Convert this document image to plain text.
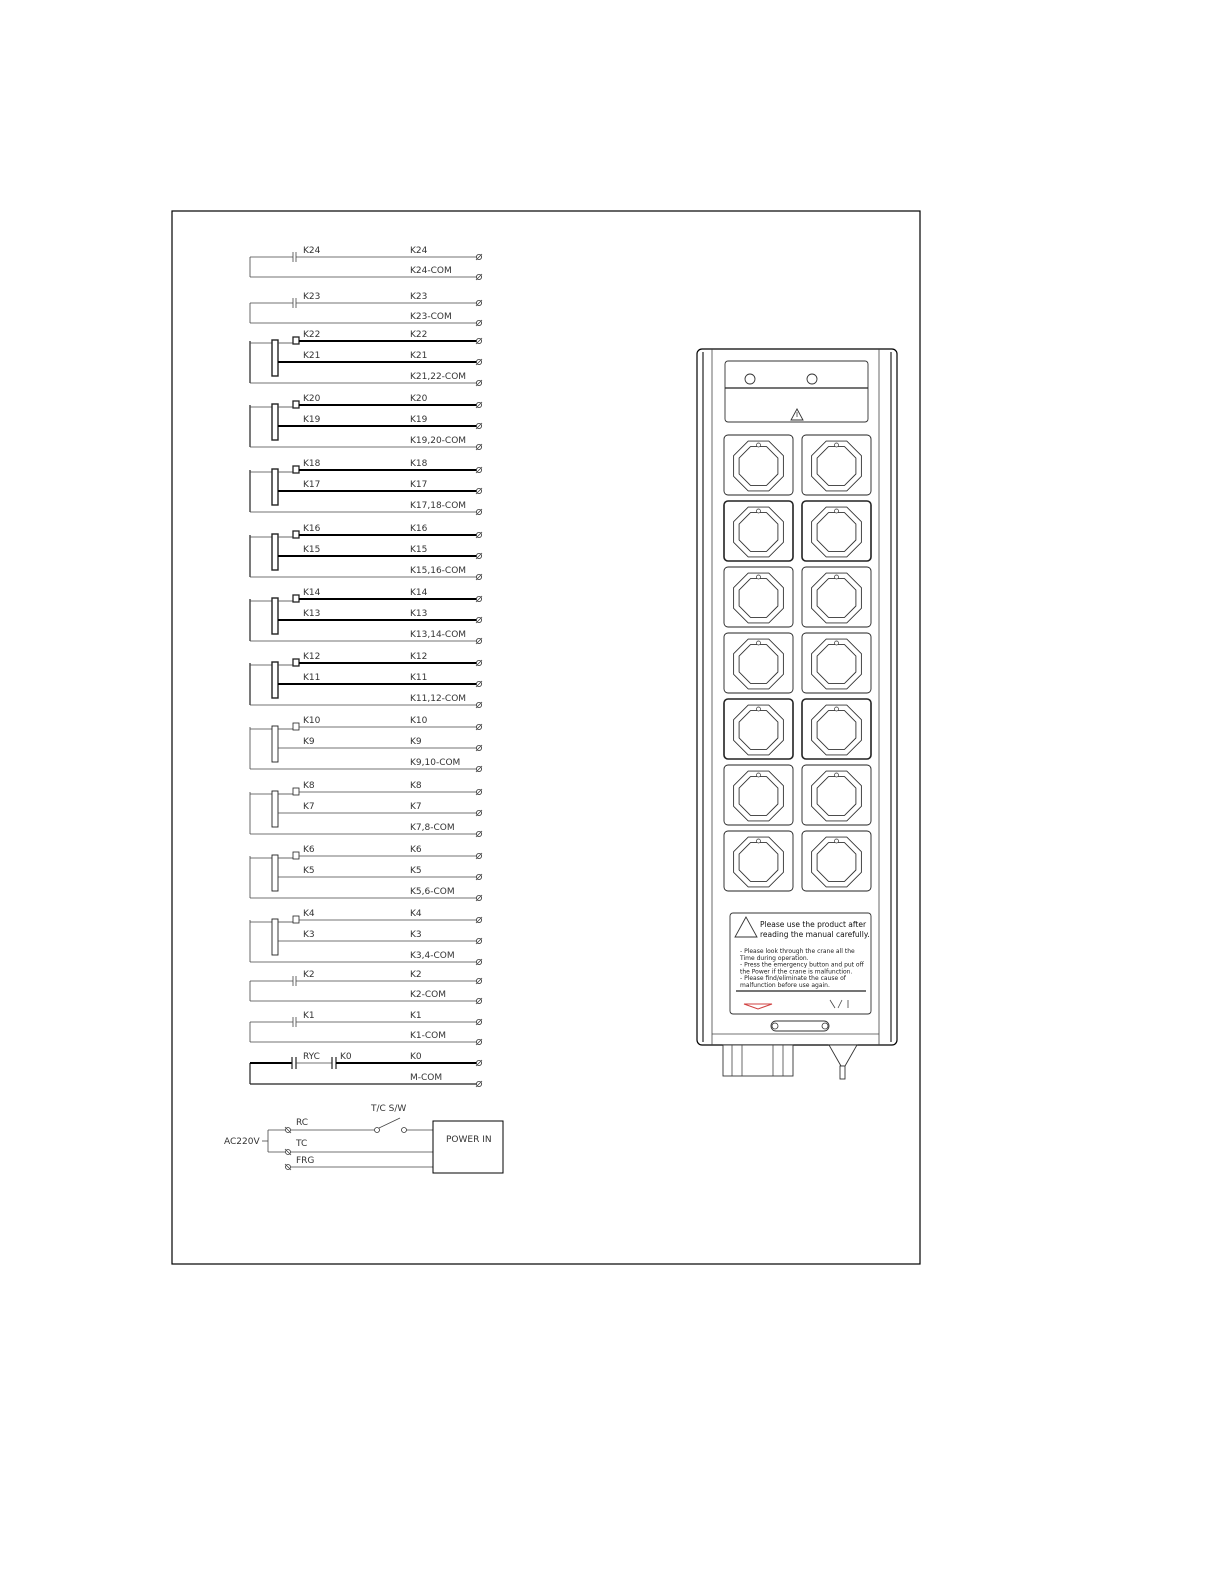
K24	K24
K24-COM
K23	K23
K23-COM
K22
K21
K22
K21
K21,22-COM
K20
K19
K20
K19
K19,20-COM
K18
K17
K18
K17
K17,18-COM
K16
K15
K16
K15
K15,16-COM
K14
K13
K14
K13
K13,14-COM
K12
K11
K12
K11
K11,12-COM
K10
K9
K10
K9
K9,10-COM
K8
K7
K8
K7
K7,8-COM
K6
K5
K6
K5
K5,6-COM
K4
K3
K4
K3
K3,4-COM
K2	K2
K2-COM
K1	K1
K1-COM
RYC K0	K0
M-COM
AC220V
RC
T/C S/W
TC
FRG
POWER IN
Please use the product after
reading the manual carefully.
- Please look through the crane all the
Time during operation.
- Press the emergency button and put off
the Power if the crane is malfunction.
- Please find/eliminate the cause of
malfunction before use again.
